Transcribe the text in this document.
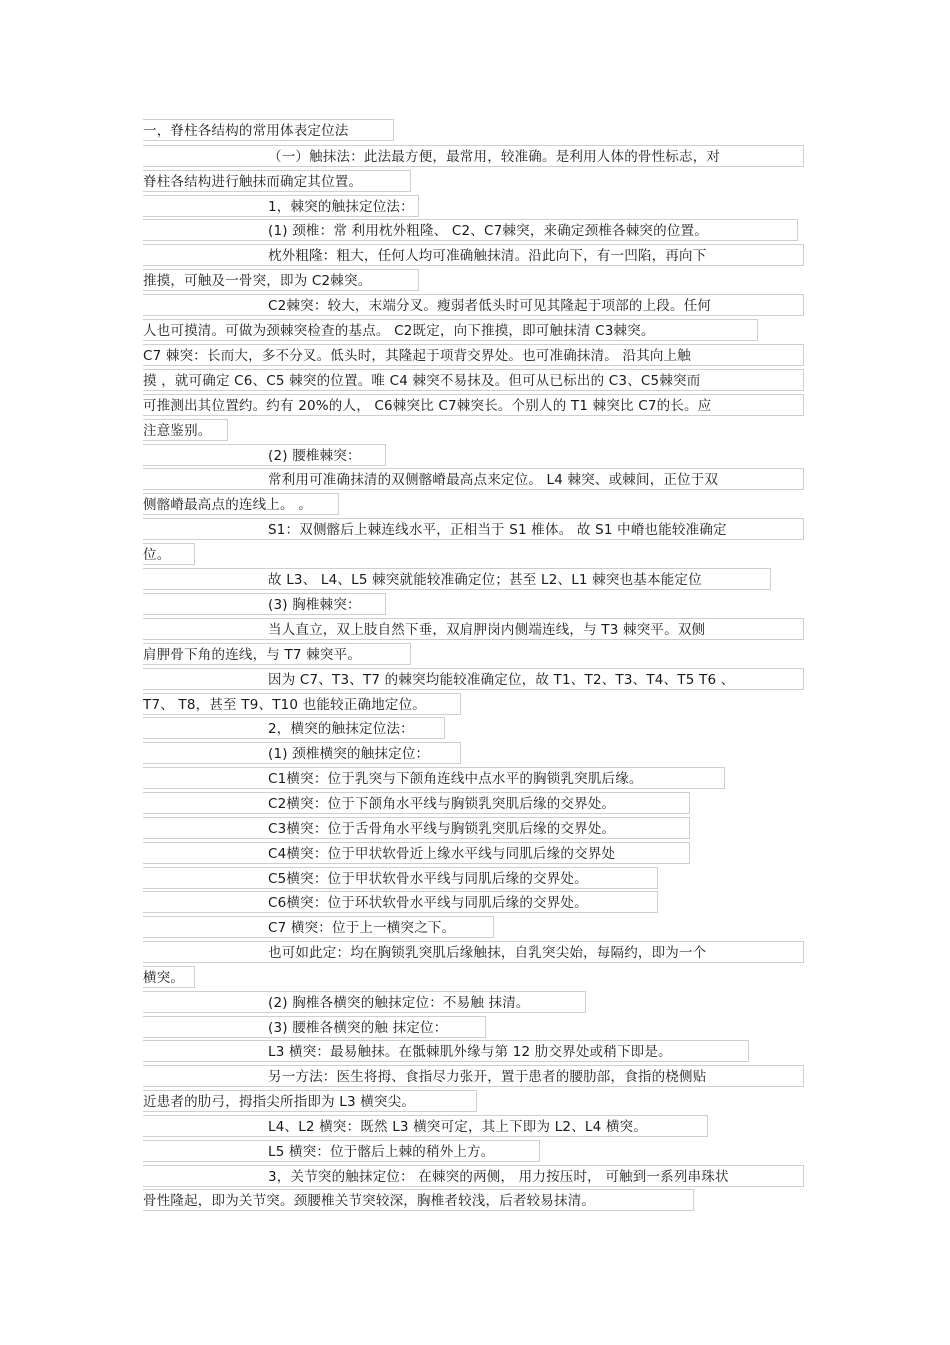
一，脊柱各结构的常用体表定位法
（一）触抹法：此法最方便，最常用，较准确。是利用人体的骨性标志，对
脊柱各结构进行触抹而确定其位置。
1，棘突的触抹定位法：
(1) 颈椎：常 利用枕外粗隆、 C2、C7棘突，来确定颈椎各棘突的位置。
枕外粗隆：粗大，任何人均可准确触抹清。沿此向下，有一凹陷，再向下
推摸，可触及一骨突，即为 C2棘突。
C2棘突：较大，末端分叉。瘦弱者低头时可见其隆起于项部的上段。任何
人也可摸清。可做为颈棘突检查的基点。 C2既定，向下推摸，即可触抹清 C3棘突。
C7 棘突：长而大，多不分叉。低头时，其隆起于项背交界处。也可准确抹清。 沿其向上触
摸 ，就可确定 C6、C5 棘突的位置。唯 C4 棘突不易抹及。但可从已标出的 C3、C5棘突而
可推测出其位置约。约有 20%的人， C6棘突比 C7棘突长。个别人的 T1 棘突比 C7的长。应
注意鉴别。
(2) 腰椎棘突：
常利用可准确抹清的双侧髂嵴最高点来定位。 L4 棘突、或棘间，正位于双
侧髂嵴最高点的连线上。 。
S1：双侧髂后上棘连线水平，正相当于 S1 椎体。 故 S1 中嵴也能较准确定
位。
故 L3、 L4、L5 棘突就能较准确定位；甚至 L2、L1 棘突也基本能定位
(3) 胸椎棘突：
当人直立，双上肢自然下垂，双肩胛岗内侧端连线，与 T3 棘突平。双侧
肩胛骨下角的连线，与 T7 棘突平。
因为 C7、T3、T7 的棘突均能较准确定位，故 T1、T2、T3、T4、T5 T6 、
T7、 T8，甚至 T9、T10 也能较正确地定位。
2，横突的触抹定位法：
(1) 颈椎横突的触抹定位：
C1横突：位于乳突与下颌角连线中点水平的胸锁乳突肌后缘。
C2横突：位于下颌角水平线与胸锁乳突肌后缘的交界处。
C3横突：位于舌骨角水平线与胸锁乳突肌后缘的交界处。
C4横突：位于甲状软骨近上缘水平线与同肌后缘的交界处
C5横突：位于甲状软骨水平线与同肌后缘的交界处。
C6横突：位于环状软骨水平线与同肌后缘的交界处。
C7 横突：位于上一横突之下。
也可如此定：均在胸锁乳突肌后缘触抹，自乳突尖始，每隔约，即为一个
横突。
(2) 胸椎各横突的触抹定位：不易触 抹清。
(3) 腰椎各横突的触 抹定位：
L3 横突：最易触抹。在骶棘肌外缘与第 12 肋交界处或稍下即是。
另一方法：医生将拇、食指尽力张开，置于患者的腰肋部，食指的桡侧贴
近患者的肋弓，拇指尖所指即为 L3 横突尖。
L4、L2 横突：既然 L3 横突可定，其上下即为 L2、L4 横突。
L5 横突：位于髂后上棘的稍外上方。
3，关节突的触抹定位： 在棘突的两侧， 用力按压时， 可触到一系列串珠状
骨性隆起，即为关节突。颈腰椎关节突较深，胸椎者较浅，后者较易抹清。
